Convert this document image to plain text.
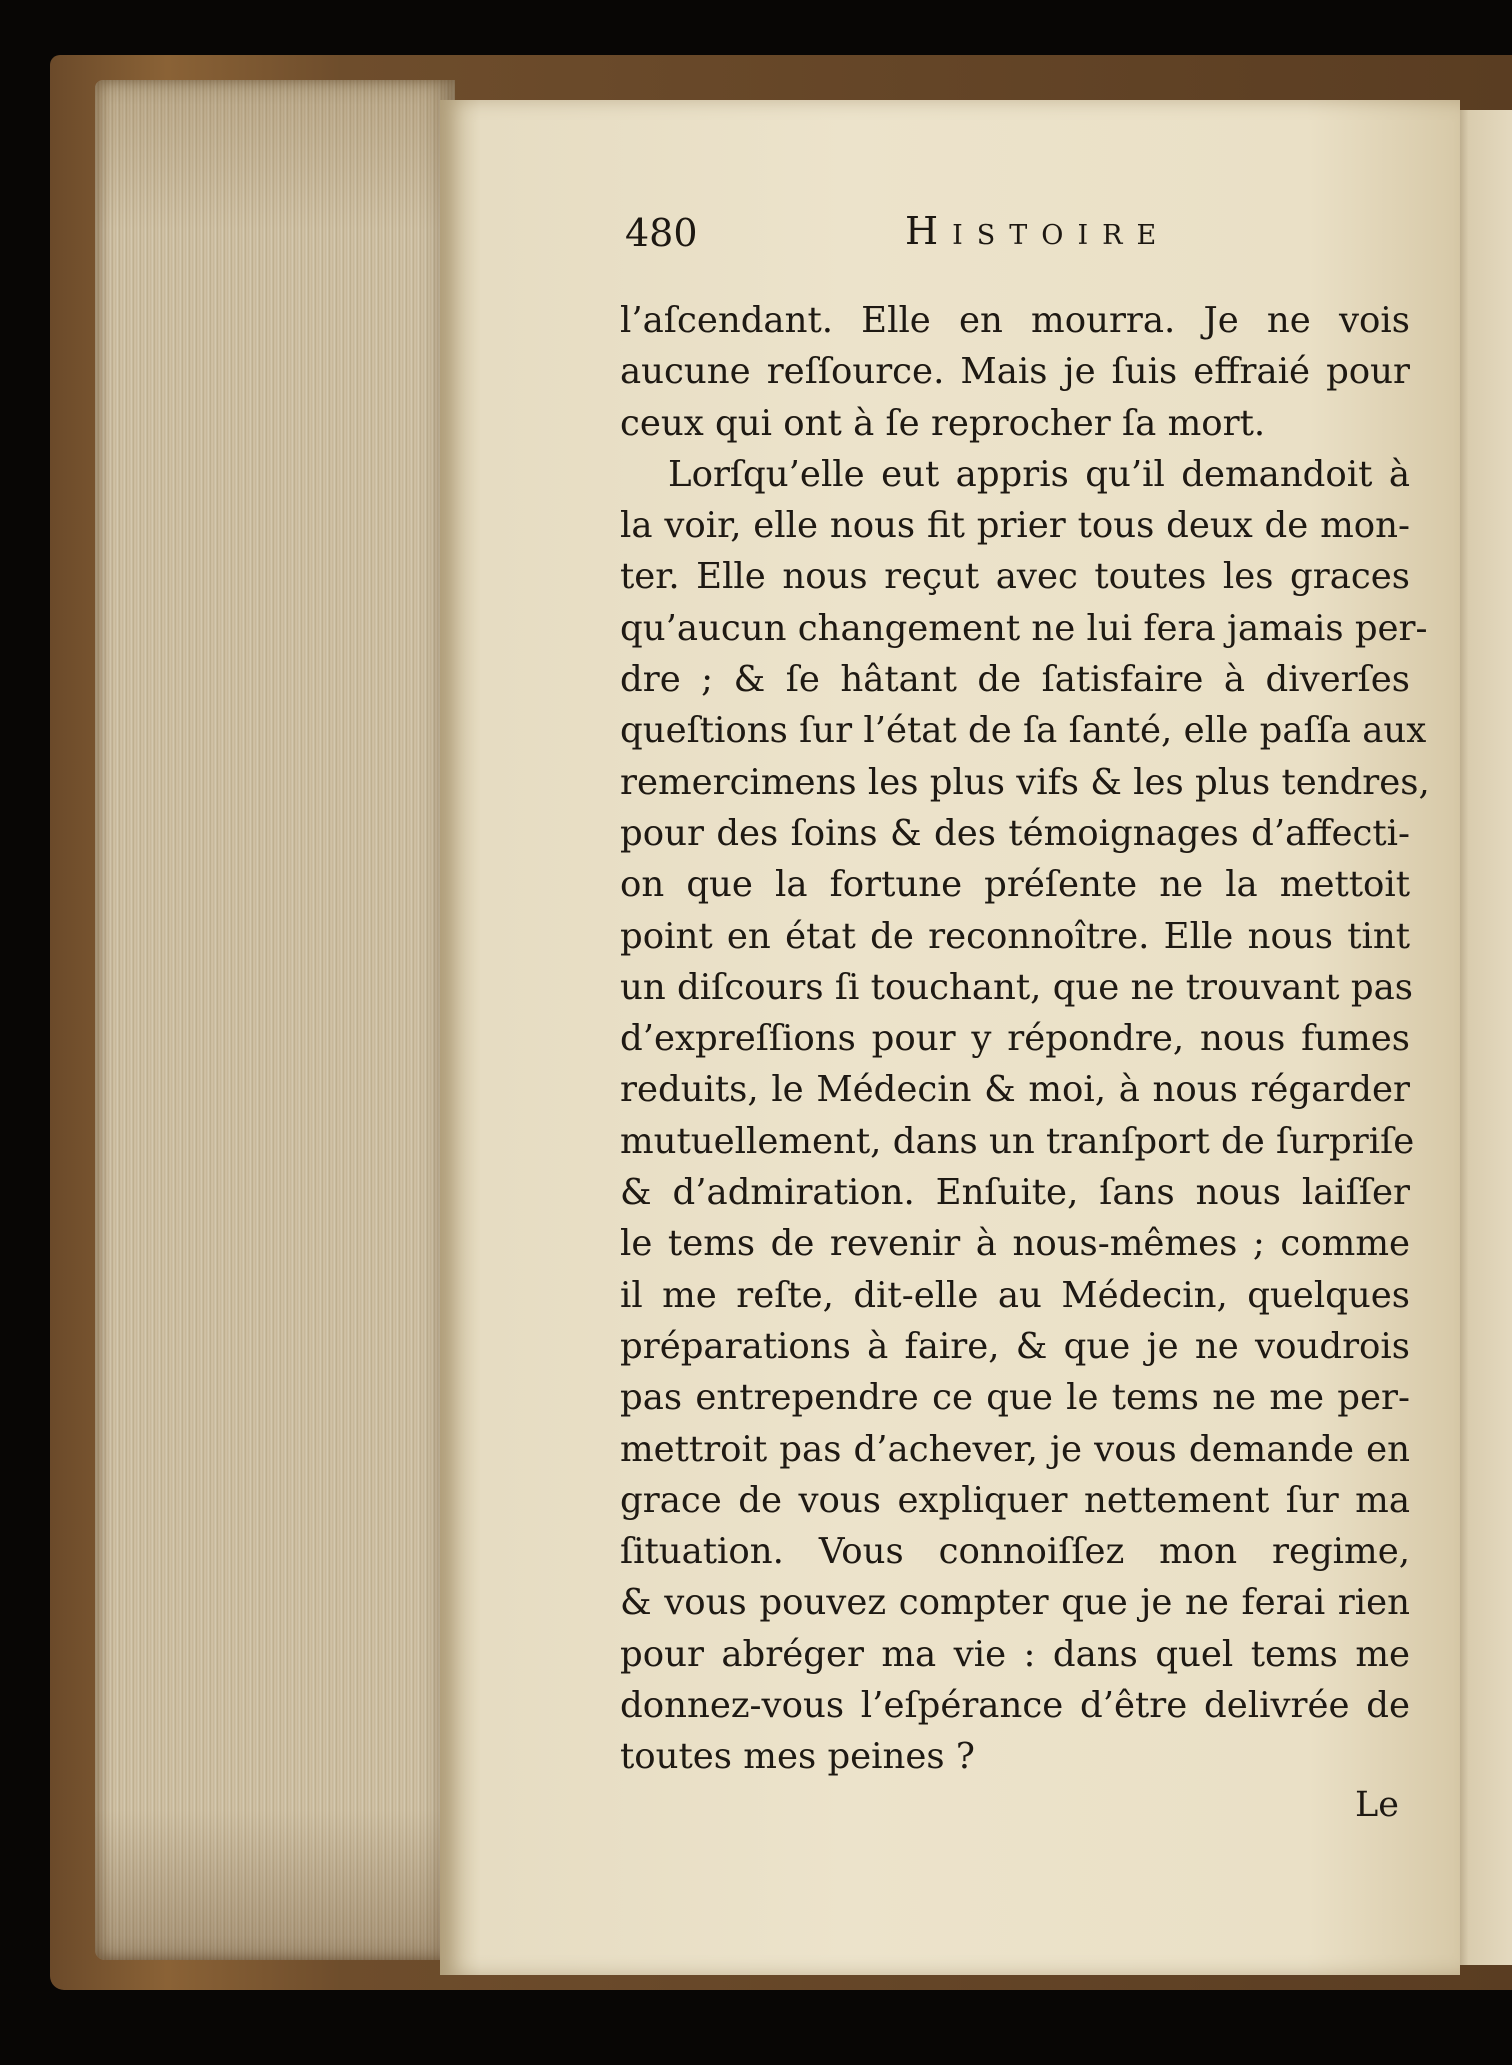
480	Histoire
l’aſcendant. Elle en mourra. Je ne vois
aucune reſſource. Mais je ſuis effraié pour
ceux qui ont à ſe reprocher ſa mort.
Lorſqu’elle eut appris qu’il demandoit à
la voir, elle nous fit prier tous deux de mon-
ter. Elle nous reçut avec toutes les graces
qu’aucun changement ne lui fera jamais per-
dre ; & ſe hâtant de ſatisfaire à diverſes
queſtions ſur l’état de ſa ſanté, elle paſſa aux
remercimens les plus vifs & les plus tendres,
pour des ſoins & des témoignages d’affecti-
on que la fortune préſente ne la mettoit
point en état de reconnoître. Elle nous tint
un diſcours ſi touchant, que ne trouvant pas
d’expreſſions pour y répondre, nous fumes
reduits, le Médecin & moi, à nous régarder
mutuellement, dans un tranſport de ſurpriſe
& d’admiration. Enſuite, ſans nous laiſſer
le tems de revenir à nous-mêmes ; comme
il me reſte, dit-elle au Médecin, quelques
préparations à faire, & que je ne voudrois
pas entrependre ce que le tems ne me per-
mettroit pas d’achever, je vous demande en
grace de vous expliquer nettement ſur ma
ſituation. Vous connoiſſez mon regime,
& vous pouvez compter que je ne ferai rien
pour abréger ma vie : dans quel tems me
donnez-vous l’eſpérance d’être delivrée de
toutes mes peines ?
Le
